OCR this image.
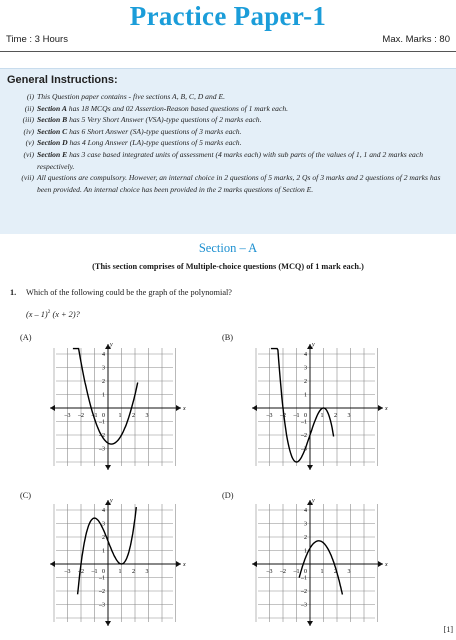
Practice Paper-1
Time : 3 Hours	Max. Marks : 80
General Instructions:
(i) This Question paper contains - five sections A, B, C, D and E.
(ii) Section A has 18 MCQs and 02 Assertion-Reason based questions of 1 mark each.
(iii) Section B has 5 Very Short Answer (VSA)-type questions of 2 marks each.
(iv) Section C has 6 Short Answer (SA)-type questions of 3 marks each.
(v) Section D has 4 Long Answer (LA)-type questions of 5 marks each.
(vi) Section E has 3 case based integrated units of assessment (4 marks each) with sub parts of the values of 1, 1 and 2 marks each respectively.
(vii) All questions are compulsory. However, an internal choice in 2 questions of 5 marks, 2 Qs of 3 marks and 2 questions of 2 marks has been provided. An internal choice has been provided in the 2 marks questions of Section E.
Section – A
(This section comprises of Multiple-choice questions (MCQ) of 1 mark each.)
1. Which of the following could be the graph of the polynomial?
(x – 1)$^2$ (x + 2)?
(A)	(B)
(C)	(D)
x
y
–3 –2 –1 0 1 2 3
4
3
2
1
–1
–2
–3
x
y
–3 –2 –1 0 1 2 3
4
3
2
1
–1
–2
–3
x
y
–3 –2 –1 0 1 2 3
4
3
2
1
–1
–2
–3
x
y
–3 –2 –1 0 1 2 3
4
3
2
1
–1
–2
–3
[1]
